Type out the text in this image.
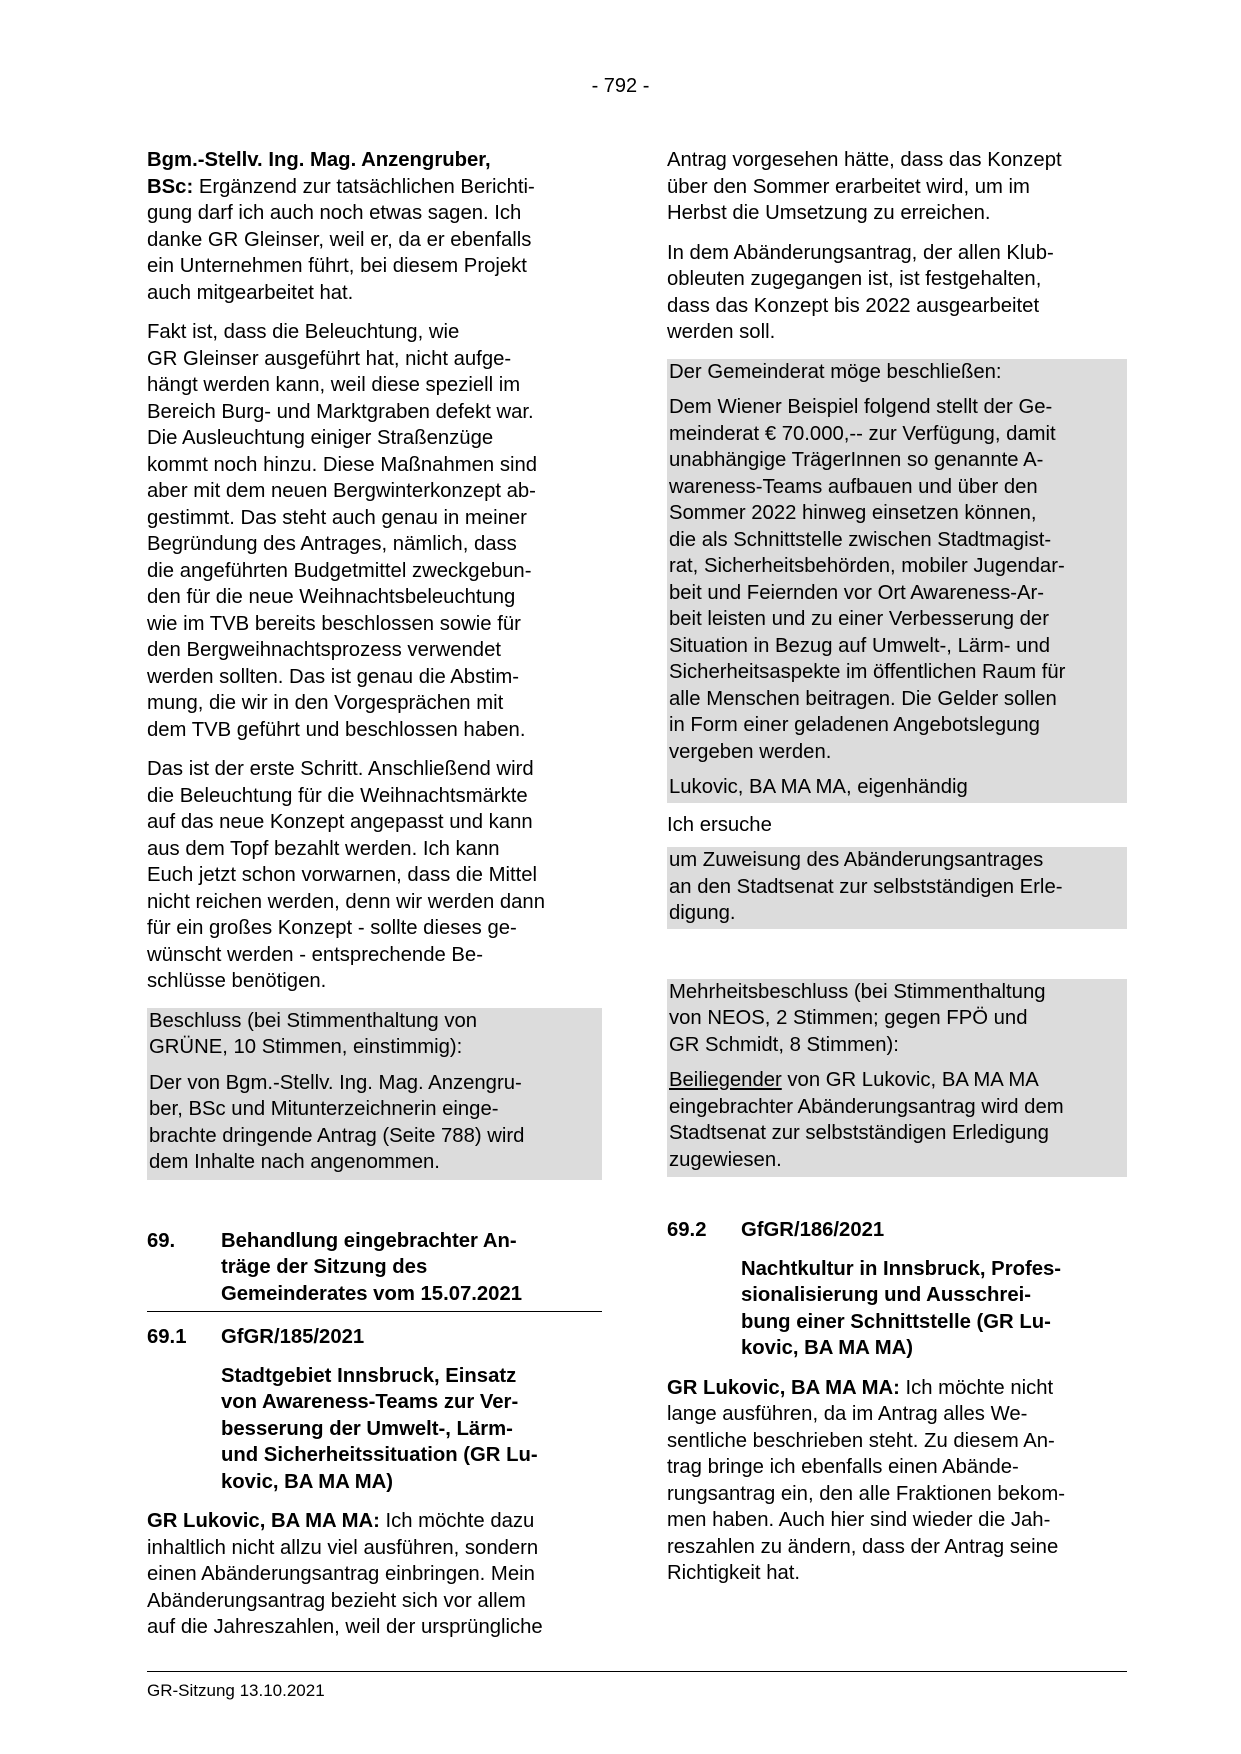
- 792 -

Bgm.-Stellv. Ing. Mag. Anzengruber,
BSc: Ergänzend zur tatsächlichen Berichti-
gung darf ich auch noch etwas sagen. Ich
danke GR Gleinser, weil er, da er ebenfalls
ein Unternehmen führt, bei diesem Projekt
auch mitgearbeitet hat.

Fakt ist, dass die Beleuchtung, wie
GR Gleinser ausgeführt hat, nicht aufge-
hängt werden kann, weil diese speziell im
Bereich Burg- und Marktgraben defekt war.
Die Ausleuchtung einiger Straßenzüge
kommt noch hinzu. Diese Maßnahmen sind
aber mit dem neuen Bergwinterkonzept ab-
gestimmt. Das steht auch genau in meiner
Begründung des Antrages, nämlich, dass
die angeführten Budgetmittel zweckgebun-
den für die neue Weihnachtsbeleuchtung
wie im TVB bereits beschlossen sowie für
den Bergweihnachtsprozess verwendet
werden sollten. Das ist genau die Abstim-
mung, die wir in den Vorgesprächen mit
dem TVB geführt und beschlossen haben.

Das ist der erste Schritt. Anschließend wird
die Beleuchtung für die Weihnachtsmärkte
auf das neue Konzept angepasst und kann
aus dem Topf bezahlt werden. Ich kann
Euch jetzt schon vorwarnen, dass die Mittel
nicht reichen werden, denn wir werden dann
für ein großes Konzept - sollte dieses ge-
wünscht werden - entsprechende Be-
schlüsse benötigen.

Beschluss (bei Stimmenthaltung von
GRÜNE, 10 Stimmen, einstimmig):

Der von Bgm.-Stellv. Ing. Mag. Anzengru-
ber, BSc und Mitunterzeichnerin einge-
brachte dringende Antrag (Seite 788) wird
dem Inhalte nach angenommen.

69.	Behandlung eingebrachter An-
träge der Sitzung des
Gemeinderates vom 15.07.2021
69.1	GfGR/185/2021
Stadtgebiet Innsbruck, Einsatz
von Awareness-Teams zur Ver-
besserung der Umwelt-, Lärm-
und Sicherheitssituation (GR Lu-
kovic, BA MA MA)

GR Lukovic, BA MA MA: Ich möchte dazu
inhaltlich nicht allzu viel ausführen, sondern
einen Abänderungsantrag einbringen. Mein
Abänderungsantrag bezieht sich vor allem
auf die Jahreszahlen, weil der ursprüngliche

Antrag vorgesehen hätte, dass das Konzept
über den Sommer erarbeitet wird, um im
Herbst die Umsetzung zu erreichen.

In dem Abänderungsantrag, der allen Klub-
obleuten zugegangen ist, ist festgehalten,
dass das Konzept bis 2022 ausgearbeitet
werden soll.

Der Gemeinderat möge beschließen:

Dem Wiener Beispiel folgend stellt der Ge-
meinderat € 70.000,-- zur Verfügung, damit
unabhängige TrägerInnen so genannte A-
wareness-Teams aufbauen und über den
Sommer 2022 hinweg einsetzen können,
die als Schnittstelle zwischen Stadtmagist-
rat, Sicherheitsbehörden, mobiler Jugendar-
beit und Feiernden vor Ort Awareness-Ar-
beit leisten und zu einer Verbesserung der
Situation in Bezug auf Umwelt-, Lärm- und
Sicherheitsaspekte im öffentlichen Raum für
alle Menschen beitragen. Die Gelder sollen
in Form einer geladenen Angebotslegung
vergeben werden.

Lukovic, BA MA MA, eigenhändig

Ich ersuche

um Zuweisung des Abänderungsantrages
an den Stadtsenat zur selbstständigen Erle-
digung.

Mehrheitsbeschluss (bei Stimmenthaltung
von NEOS, 2 Stimmen; gegen FPÖ und
GR Schmidt, 8 Stimmen):

Beiliegender von GR Lukovic, BA MA MA
eingebrachter Abänderungsantrag wird dem
Stadtsenat zur selbstständigen Erledigung
zugewiesen.

69.2	GfGR/186/2021
Nachtkultur in Innsbruck, Profes-
sionalisierung und Ausschrei-
bung einer Schnittstelle (GR Lu-
kovic, BA MA MA)

GR Lukovic, BA MA MA: Ich möchte nicht
lange ausführen, da im Antrag alles We-
sentliche beschrieben steht. Zu diesem An-
trag bringe ich ebenfalls einen Abände-
rungsantrag ein, den alle Fraktionen bekom-
men haben. Auch hier sind wieder die Jah-
reszahlen zu ändern, dass der Antrag seine
Richtigkeit hat.

GR-Sitzung 13.10.2021
